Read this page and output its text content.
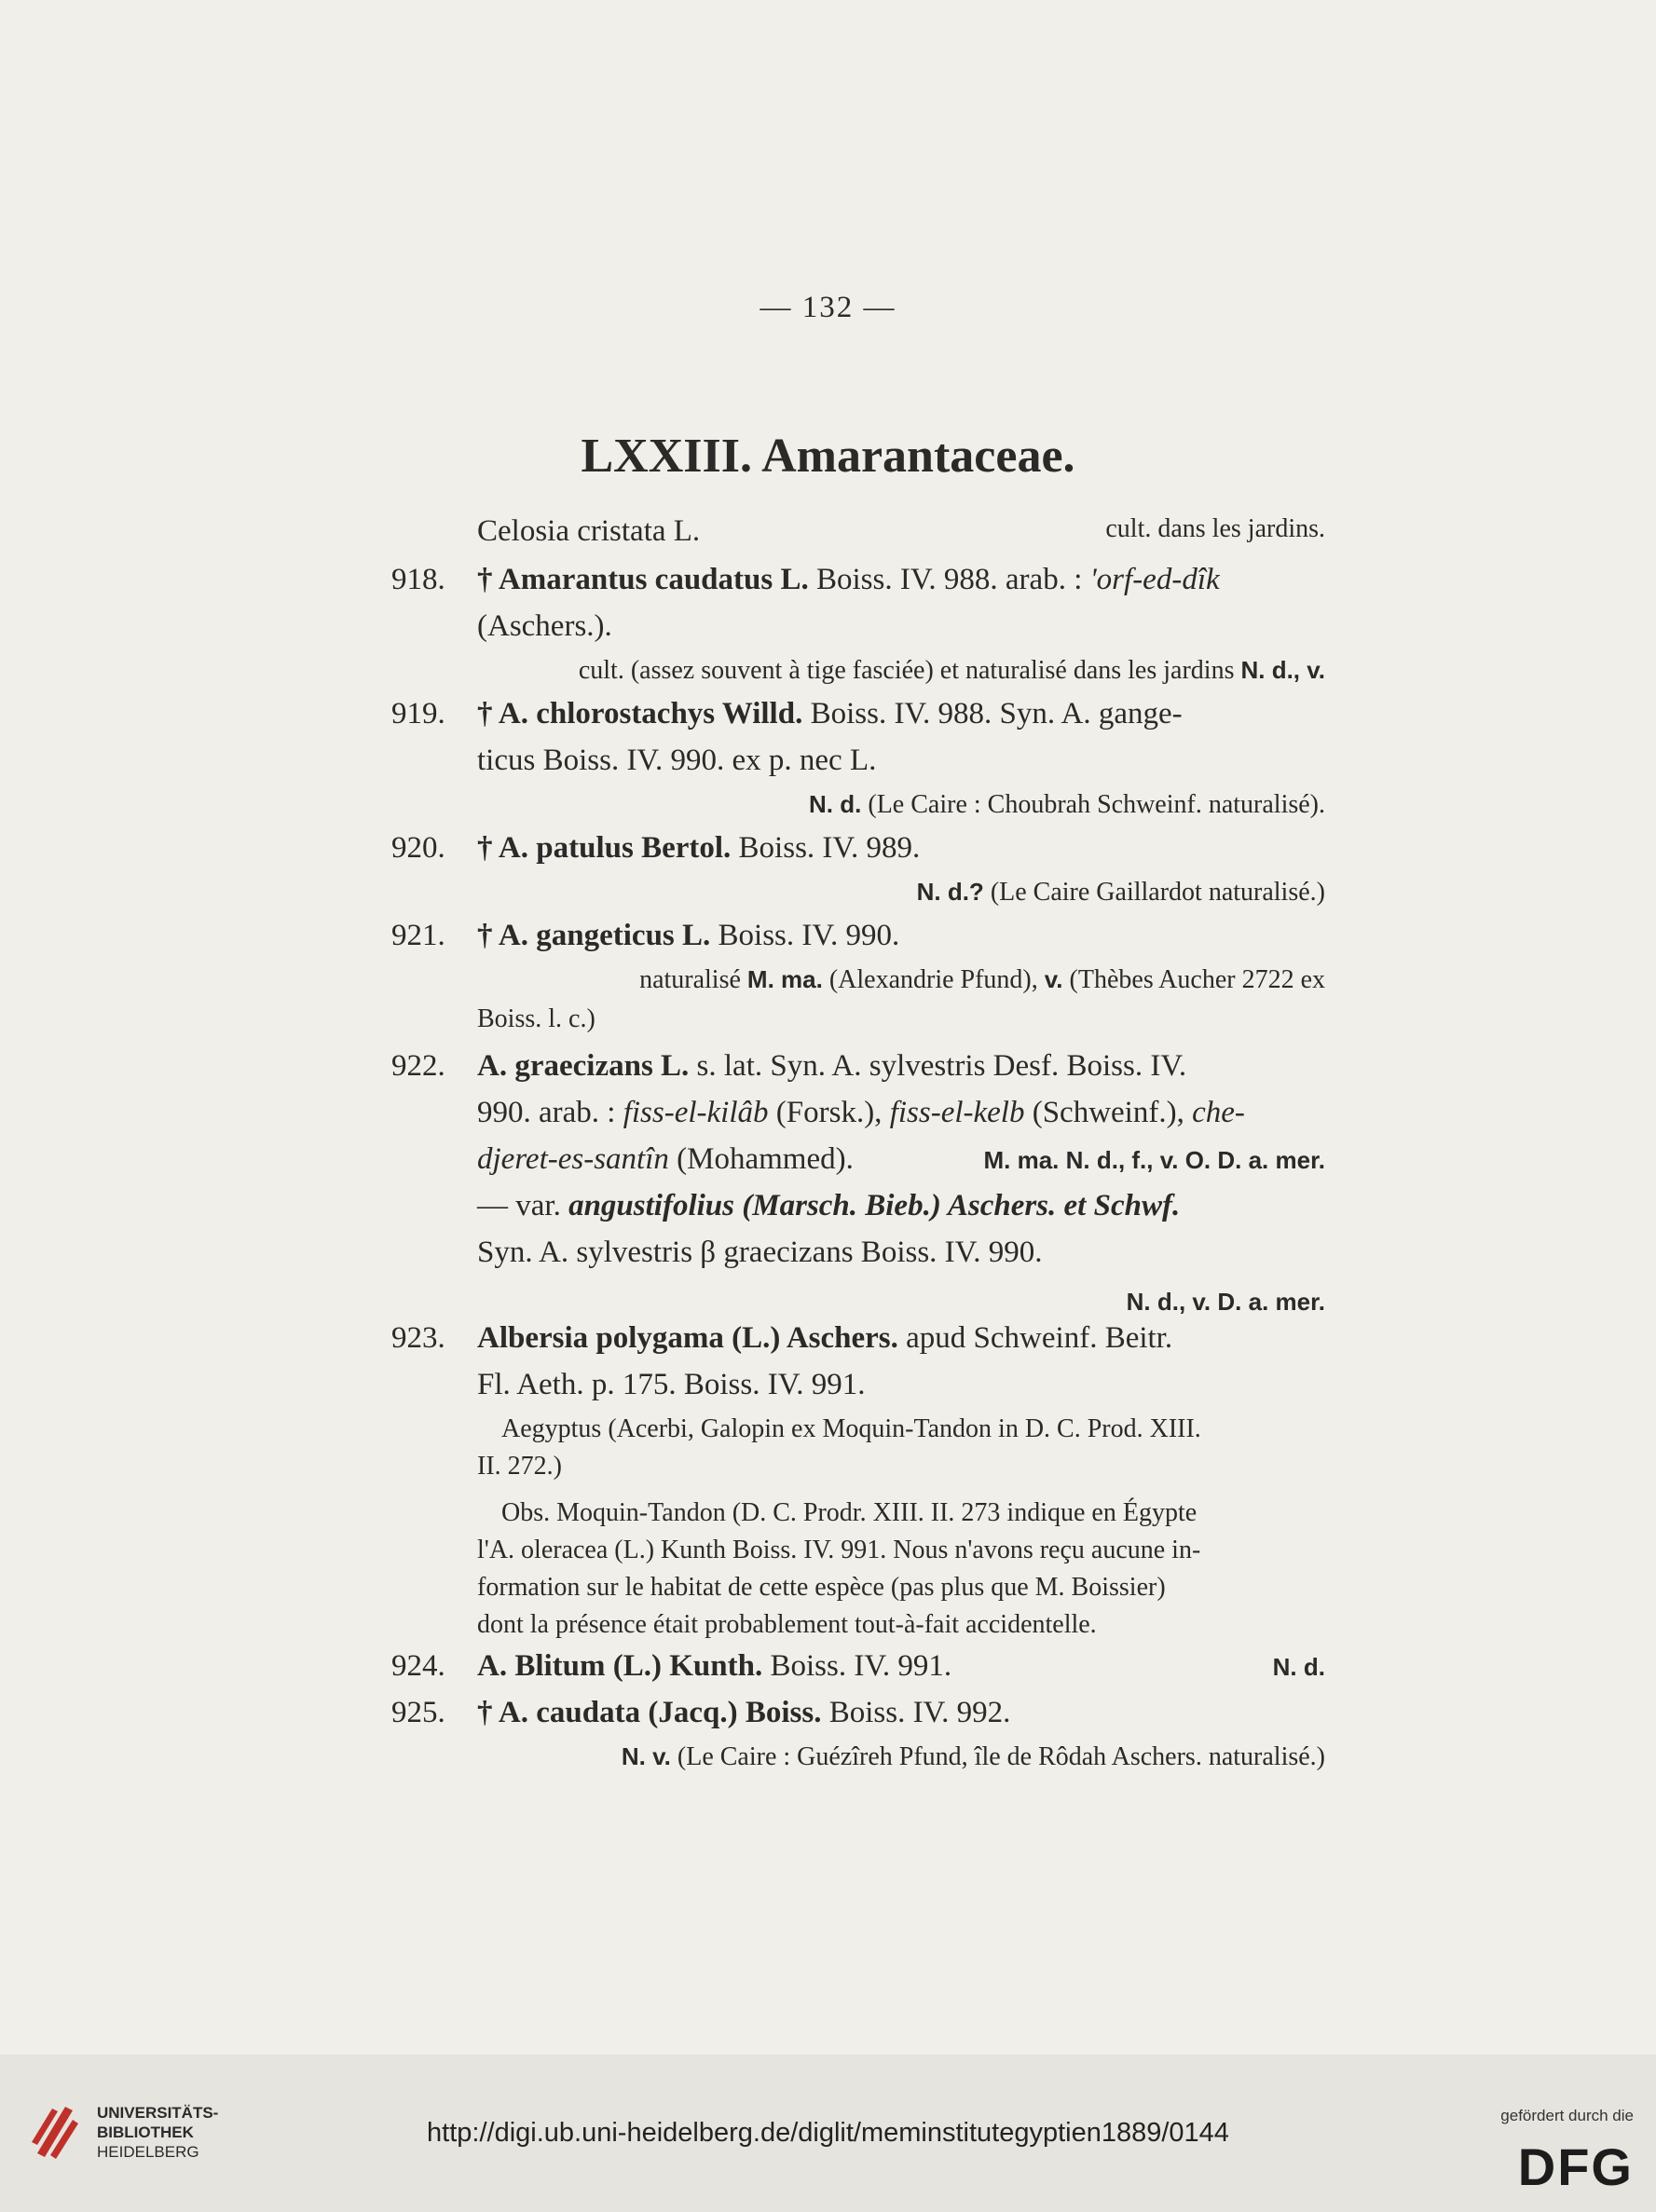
— 132 —
LXXIII. Amarantaceae.
Celosia cristata L.	cult. dans les jardins.
918. † Amarantus caudatus L. Boiss. IV. 988. arab. : 'orf-ed-dîk
(Aschers.).
cult. (assez souvent à tige fasciée) et naturalisé dans les jardins N. d., v.
919. † A. chlorostachys Willd. Boiss. IV. 988. Syn. A. gange-
ticus Boiss. IV. 990. ex p. nec L.
N. d. (Le Caire : Choubrah Schweinf. naturalisé).
920. † A. patulus Bertol. Boiss. IV. 989.
N. d.? (Le Caire Gaillardot naturalisé.)
921. † A. gangeticus L. Boiss. IV. 990.
naturalisé M. ma. (Alexandrie Pfund), v. (Thèbes Aucher 2722 ex
Boiss. l. c.)
922. A. graecizans L. s. lat. Syn. A. sylvestris Desf. Boiss. IV.
990. arab. : fiss-el-kilâb (Forsk.), fiss-el-kelb (Schweinf.), che-
djeret-es-santîn (Mohammed).	M. ma. N. d., f., v. O. D. a. mer.
— var. angustifolius (Marsch. Bieb.) Aschers. et Schwf.
Syn. A. sylvestris β graecizans Boiss. IV. 990.
N. d., v. D. a. mer.
923. Albersia polygama (L.) Aschers. apud Schweinf. Beitr.
Fl. Aeth. p. 175. Boiss. IV. 991.
Aegyptus (Acerbi, Galopin ex Moquin-Tandon in D. C. Prod. XIII.
II. 272.)
Obs. Moquin-Tandon (D. C. Prodr. XIII. II. 273 indique en Égypte
l'A. oleracea (L.) Kunth Boiss. IV. 991. Nous n'avons reçu aucune in-
formation sur le habitat de cette espèce (pas plus que M. Boissier)
dont la présence était probablement tout-à-fait accidentelle.
924. A. Blitum (L.) Kunth. Boiss. IV. 991.	N. d.
925. † A. caudata (Jacq.) Boiss. Boiss. IV. 992.
N. v. (Le Caire : Guézîreh Pfund, île de Rôdah Aschers. naturalisé.)
UNIVERSITÄTS-
BIBLIOTHEK
HEIDELBERG
http://digi.ub.uni-heidelberg.de/diglit/meminstitutegyptien1889/0144
gefördert durch die
DFG
